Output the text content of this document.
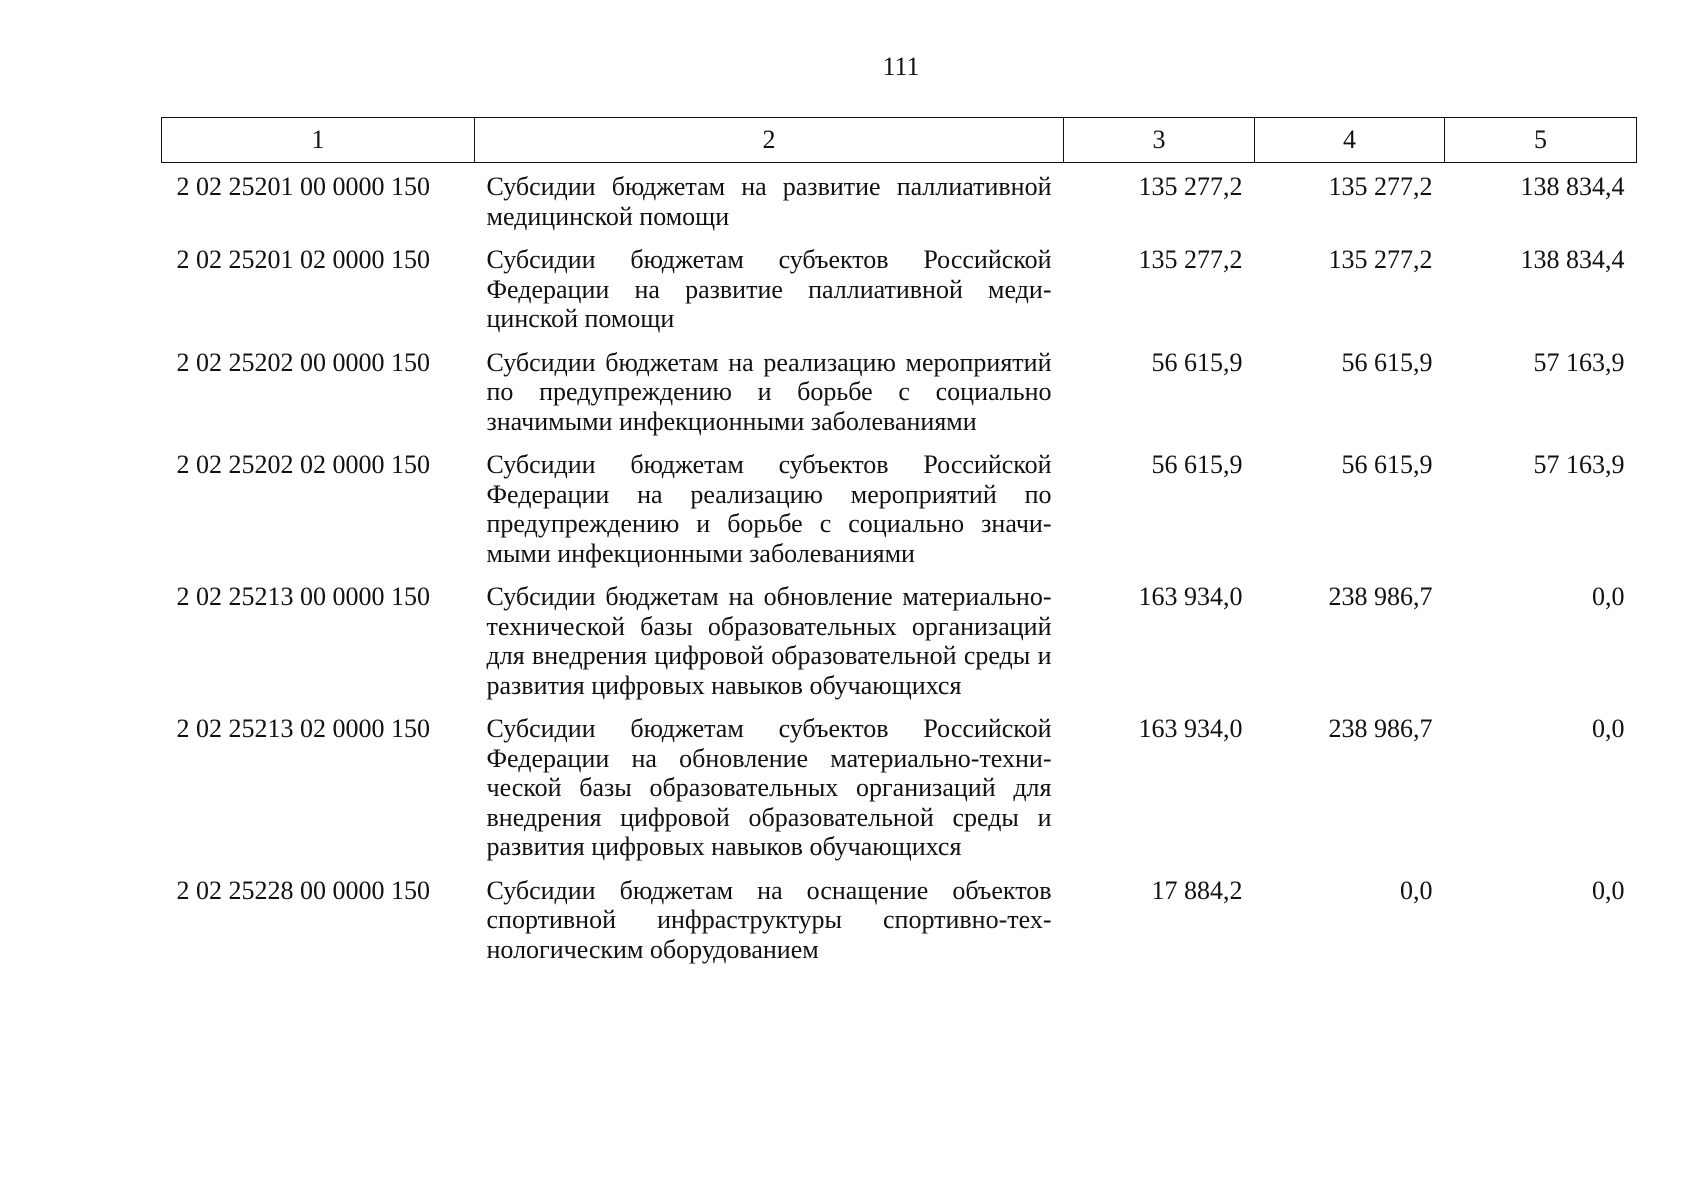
111
1	2	3	4	5
2 02 25201 00 0000 150	Субсидии бюджетам на развитие паллиативной медицинской помощи	135 277,2	135 277,2	138 834,4
2 02 25201 02 0000 150	Субсидии бюджетам субъектов Российской Федерации на развитие паллиативной медицинской помощи	135 277,2	135 277,2	138 834,4
2 02 25202 00 0000 150	Субсидии бюджетам на реализацию мероприятий по предупреждению и борьбе с социально значимыми инфекционными заболеваниями	56 615,9	56 615,9	57 163,9
2 02 25202 02 0000 150	Субсидии бюджетам субъектов Российской Федерации на реализацию мероприятий по предупреждению и борьбе с социально значимыми инфекционными заболеваниями	56 615,9	56 615,9	57 163,9
2 02 25213 00 0000 150	Субсидии бюджетам на обновление материально-технической базы образовательных организаций для внедрения цифровой образовательной среды и развития цифровых навыков обучающихся	163 934,0	238 986,7	0,0
2 02 25213 02 0000 150	Субсидии бюджетам субъектов Российской Федерации на обновление материально-технической базы образовательных организаций для внедрения цифровой образовательной среды и развития цифровых навыков обучающихся	163 934,0	238 986,7	0,0
2 02 25228 00 0000 150	Субсидии бюджетам на оснащение объектов спортивной инфраструктуры спортивно-технологическим оборудованием	17 884,2	0,0	0,0
